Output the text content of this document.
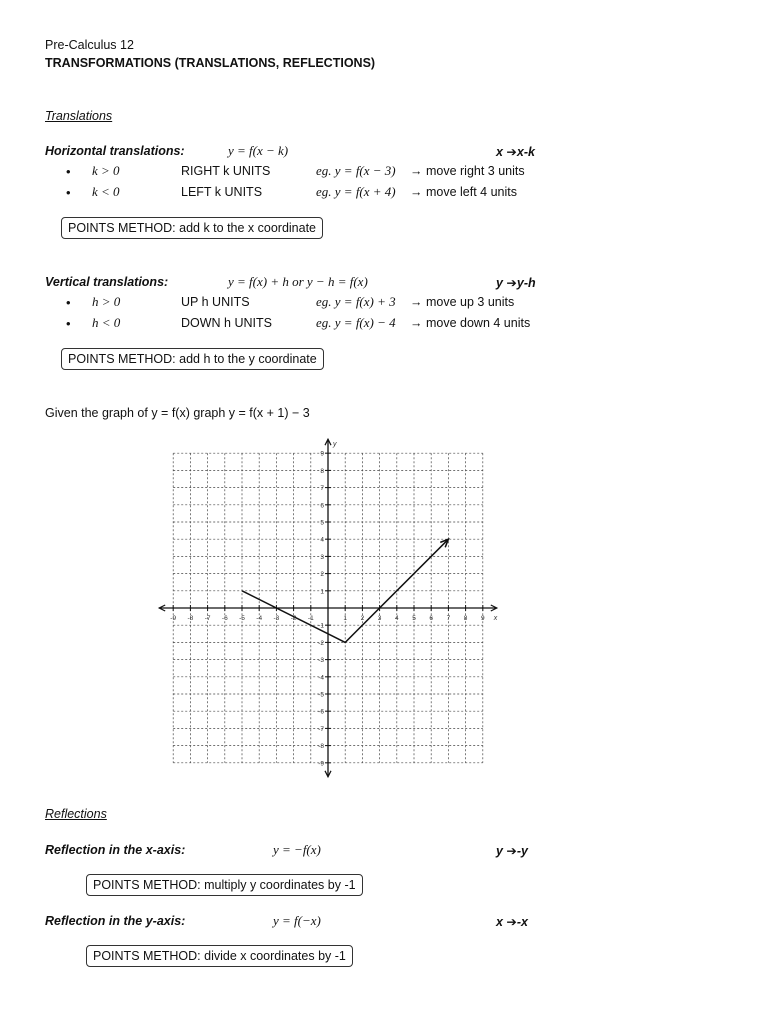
Pre-Calculus 12
TRANSFORMATIONS (TRANSLATIONS, REFLECTIONS)
Translations
Horizontal translations:	y = f(x − k)	x ➔x-k
• k > 0	RIGHT k UNITS	eg. y = f(x − 3) → move right 3 units
• k < 0	LEFT k UNITS	eg. y = f(x + 4) → move left 4 units
POINTS METHOD: add k to the x coordinate
Vertical translations:	y = f(x) + h or y − h = f(x)	y ➔y-h
• h > 0	UP h UNITS	eg. y = f(x) + 3 → move up 3 units
• h < 0	DOWN h UNITS	eg. y = f(x) − 4 → move down 4 units
POINTS METHOD: add h to the y coordinate
Given the graph of y = f(x) graph y = f(x + 1) − 3
-9 -8 -7 -6 -5 -4 -3 -2 -1	1 2 3 4 5 6 7 8 9
9
8
7
6
5
4
3
2
1
-1
-2
-3
-4
-5
-6
-7
-8
-9
x
y
Reflections
Reflection in the x-axis:	y = −f(x)	y ➔-y
POINTS METHOD: multiply y coordinates by -1
Reflection in the y-axis:	y = f(−x)	x ➔-x
POINTS METHOD: divide x coordinates by -1
